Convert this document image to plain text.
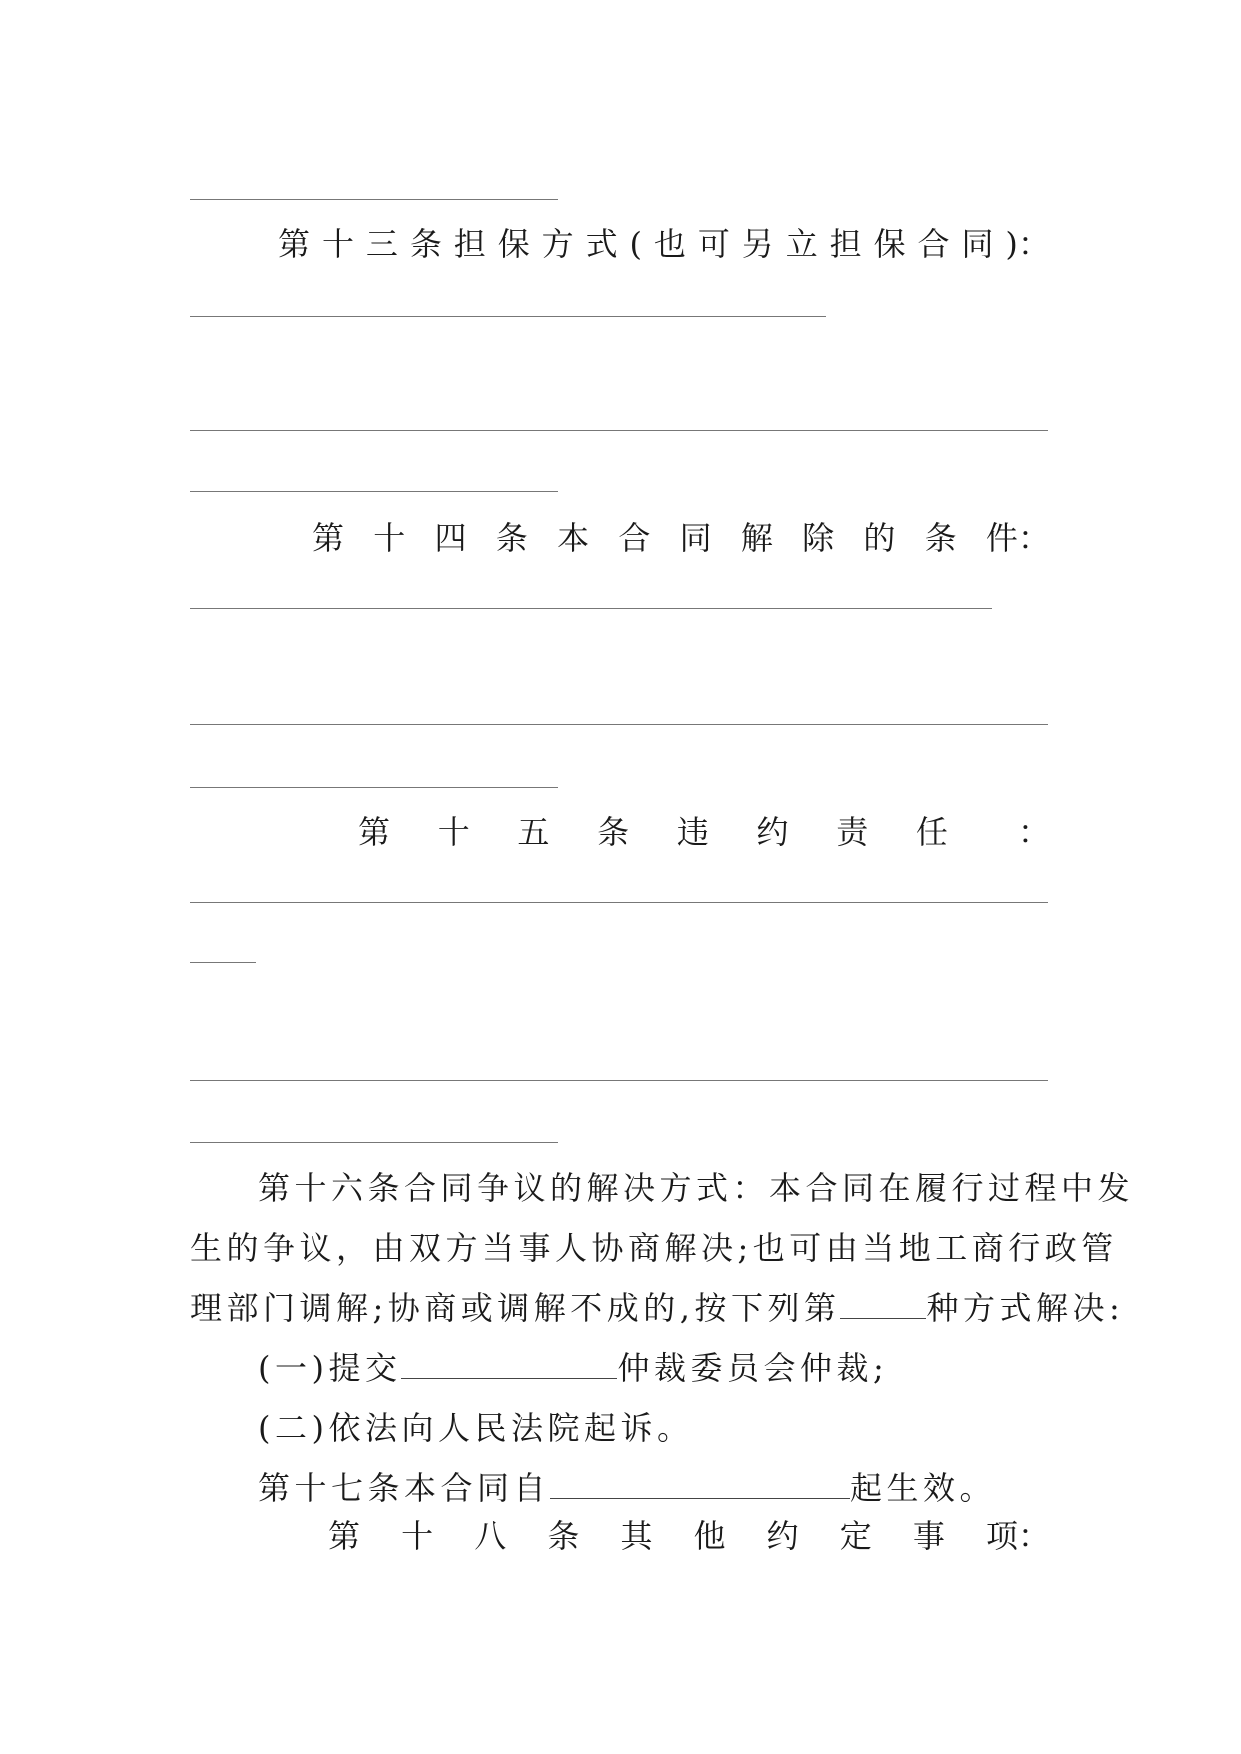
第 十 三 条 担 保 方 式 ( 也 可 另 立 担 保 合 同 ) ：
第 十 四 条 本 合 同 解 除 的 条 件 ：
第 十 五 条 违 约 责 任 ：
第十六条合同争议的解决方式：本合同在履行过程中发
生的争议，由双方当事人协商解决;也可由当地工商行政管
理部门调解;协商或调解不成的,按下列第	种方式解决:
(一)提交	仲裁委员会仲裁;
(二)依法向人民法院起诉。
第十七条本合同自	起生效。
第 十 八 条 其 他 约 定 事 项 ：
